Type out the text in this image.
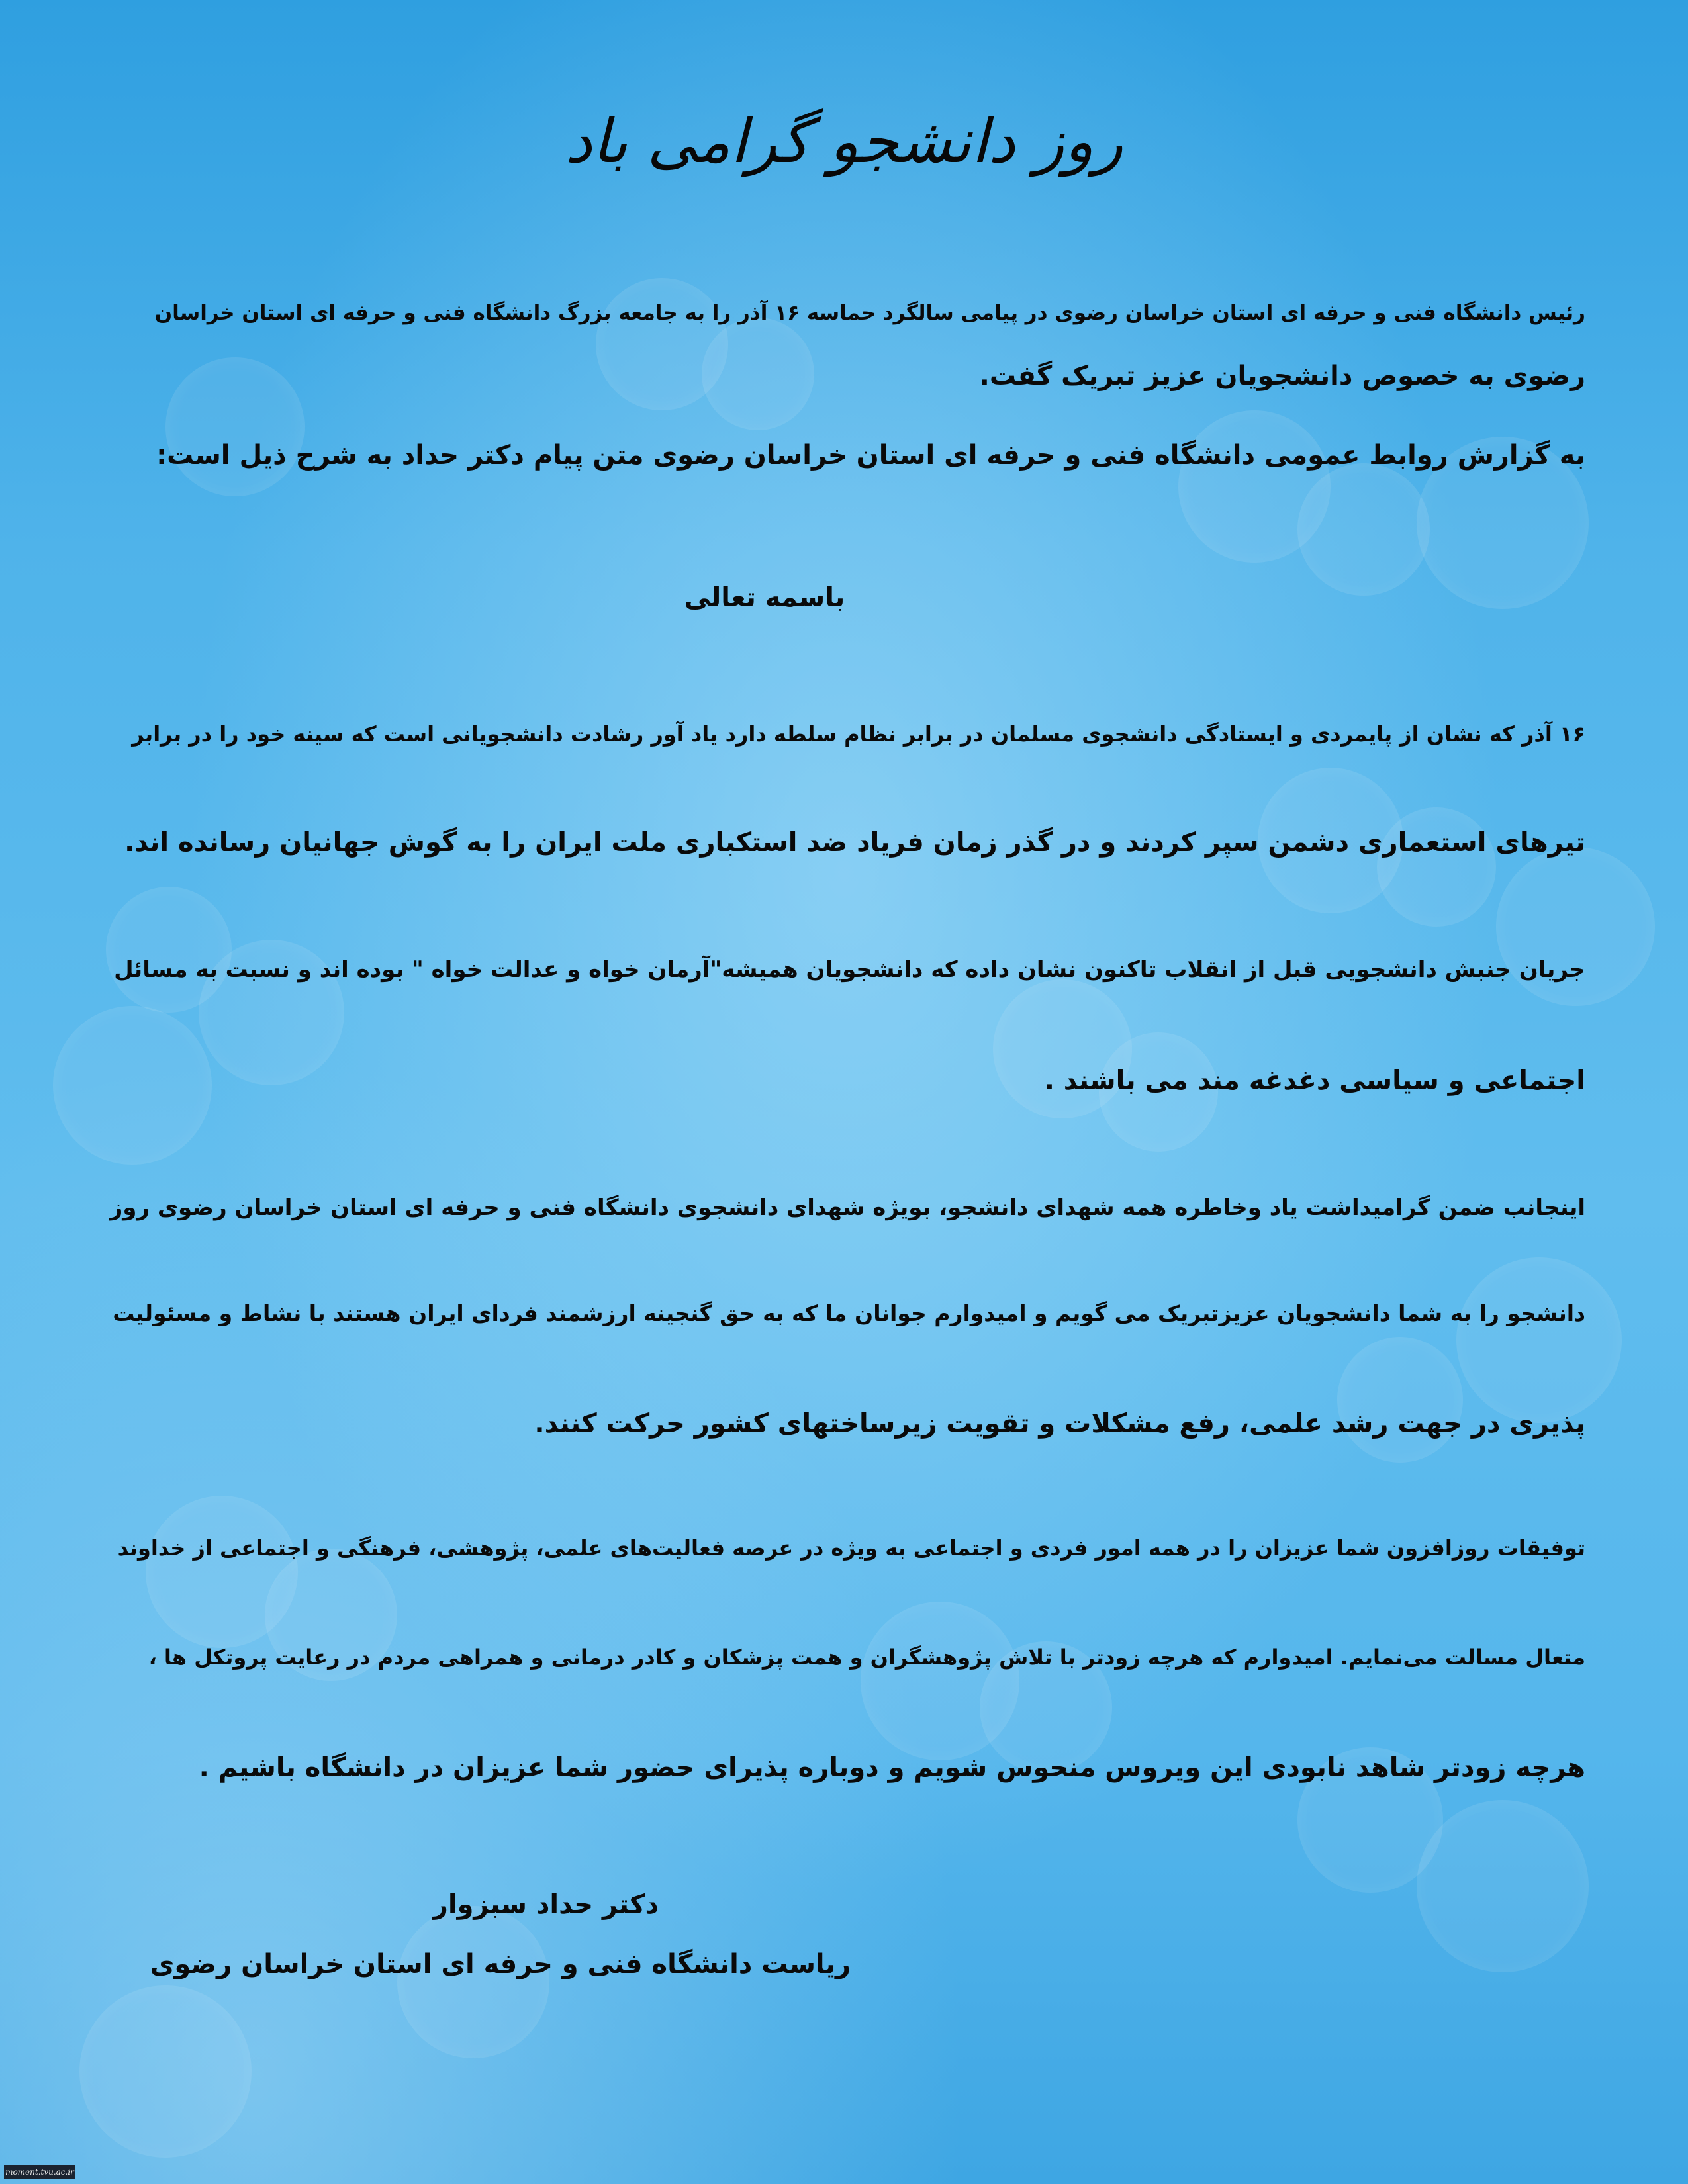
روز دانشجو گرامی باد
رئیس دانشگاه فنی و حرفه ای استان خراسان رضوی در پیامی سالگرد حماسه ۱۶ آذر را به جامعه بزرگ دانشگاه فنی و حرفه ای استان خراسان
رضوی به خصوص دانشجویان عزیز تبریک گفت.
به گزارش روابط عمومی دانشگاه فنی و حرفه ای استان خراسان رضوی متن پیام دکتر حداد به شرح ذیل است:
باسمه تعالی
۱۶ آذر که نشان از پایمردی و ایستادگی دانشجوی مسلمان در برابر نظام سلطه دارد یاد آور رشادت دانشجویانی است که سینه خود را در برابر
تیرهای استعماری دشمن سپر کردند و در گذر زمان فریاد ضد استکباری ملت ایران را به گوش جهانیان رسانده اند.
جریان جنبش دانشجویی قبل از انقلاب تاکنون نشان داده که دانشجویان همیشه"آرمان خواه و عدالت خواه " بوده اند و نسبت به مسائل
اجتماعی و سیاسی دغدغه مند می باشند .
اینجانب ضمن گرامیداشت یاد وخاطره همه شهدای دانشجو، بویژه شهدای دانشجوی دانشگاه فنی و حرفه ای استان خراسان رضوی روز
دانشجو را به شما دانشجویان عزیزتبریک می گویم و امیدوارم جوانان ما که به حق گنجینه ارزشمند فردای ایران هستند با نشاط و مسئولیت
پذیری در جهت رشد علمی، رفع مشکلات و تقویت زیرساختهای کشور حرکت کنند.
توفیقات روزافزون شما عزیزان را در همه امور فردی و اجتماعی به ویژه در عرصه فعالیت‌های علمی، پژوهشی، فرهنگی و اجتماعی از خداوند
متعال مسالت می‌نمایم. امیدوارم که هرچه زودتر با تلاش پژوهشگران و همت پزشکان و کادر درمانی و همراهی مردم در رعایت پروتکل ها ،
هرچه زودتر شاهد نابودی این ویروس منحوس شویم و دوباره پذیرای حضور شما عزیزان در دانشگاه باشیم .
دکتر حداد سبزوار
ریاست دانشگاه فنی و حرفه ای استان خراسان رضوی
moment.tvu.ac.ir
